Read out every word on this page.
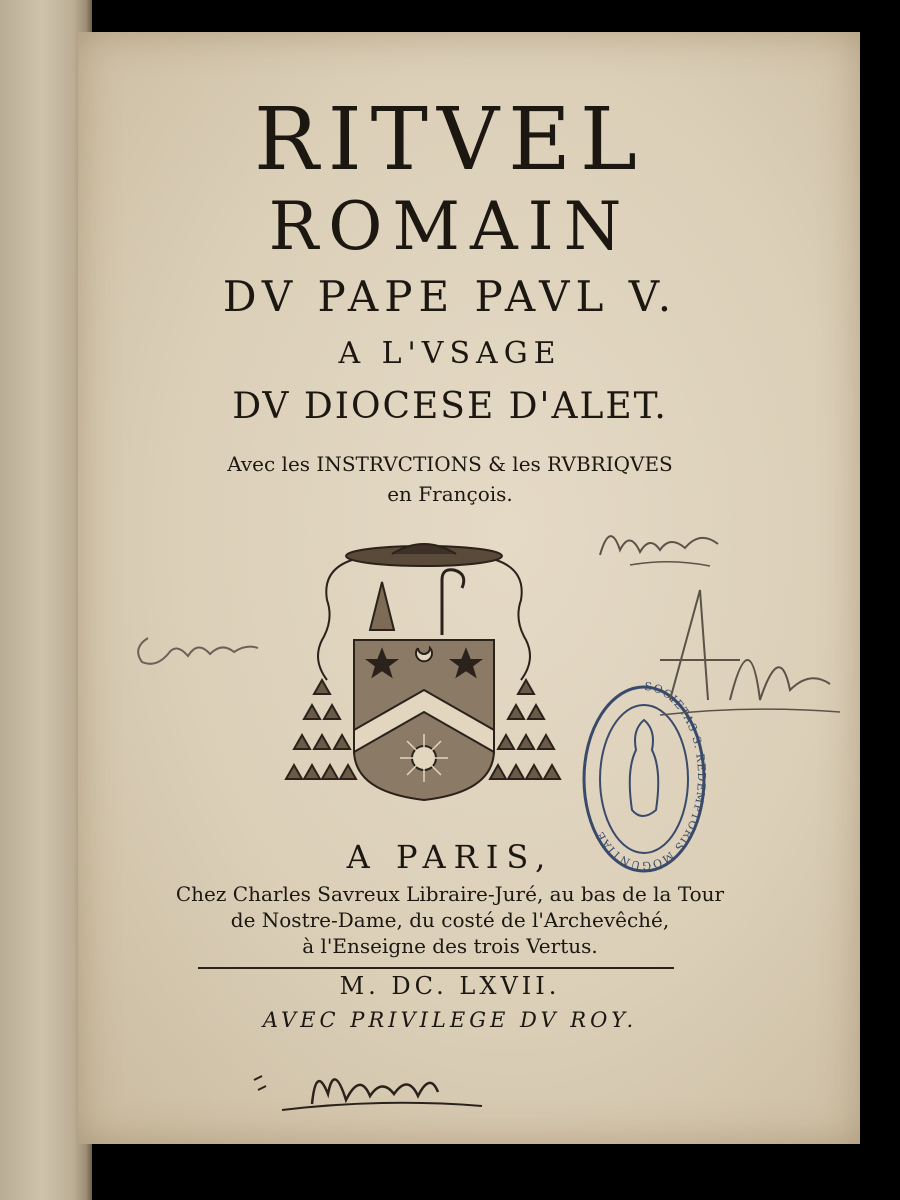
RITVEL
ROMAIN
DV PAPE PAVL V.
A L'VSAGE
DV DIOCESE D'ALET.
Avec les INSTRVCTIONS & les RVBRIQVES
en François.
SOCIETAS S. REDEMPTORIS MOGUNTIAE
A PARIS,
Chez Charles Savreux Libraire-Juré, au bas de la Tour
de Nostre-Dame, du costé de l'Archevêché,
à l'Enseigne des trois Vertus.
M. DC. LXVII.
AVEC PRIVILEGE DV ROY.
